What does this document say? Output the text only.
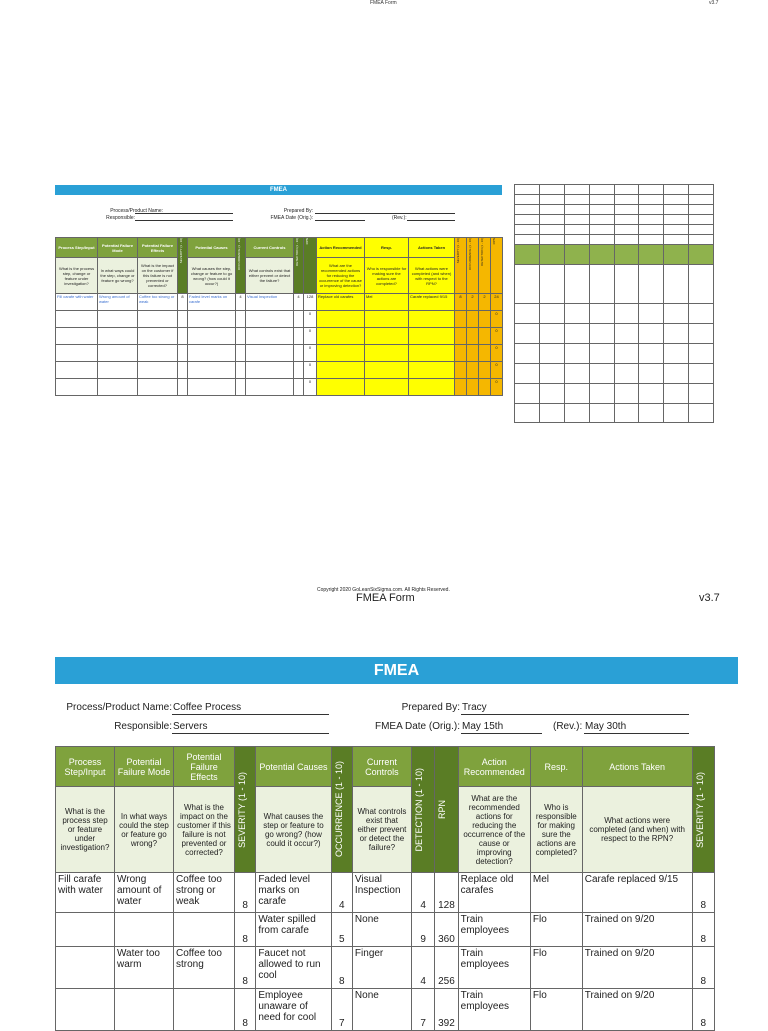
FMEA Form	v3.7
FMEA
Process/Product Name:
Responsible:
Prepared By:
FMEA Date (Orig.):	(Rev.):
Process Step/Input	Potential Failure Mode	Potential Failure Effects	SEVERITY (1 - 10)	Potential Causes	OCCURRENCE (1 - 10)	Current Controls	DETECTION (1 - 10)	RPN	Action Recommended	Resp.	Actions Taken	SEVERITY (1 - 10)	OCCURRENCE (1 - 10)	DETECTION (1 - 10)	RPN

What is the process step, change or feature under investigation?	In what ways could the step, change or feature go wrong?	What is the impact on the customer if this failure is not prevented or corrected?		What causes the step, change or feature to go wrong? (how could it occur?)		What controls exist that either prevent or detect the failure?			What are the recommended actions for reducing the occurrence of the cause or improving detection?	Who is responsible for making sure the actions are completed?	What actions were completed (and when) with respect to the RPN?				
Fill carafe with water	Wrong amount of water	Coffee too strong or weak	8	Faded level marks on carafe	4	Visual Inspection	4	128	Replace old carafes	Mel	Carafe replaced 9/15	8	2	2	24
								0							0
								0							0
								0							0
								0							0
								0							0

Copyright 2020 GoLeanSixSigma.com. All Rights Reserved.
FMEA Form	v3.7
FMEA
Process/Product Name: Coffee Process
Responsible: Servers
Prepared By: Tracy
FMEA Date (Orig.): May 15th	(Rev.): May 30th
Process Step/Input	Potential Failure Mode	Potential Failure Effects	SEVERITY (1 - 10)	Potential Causes	OCCURRENCE (1 - 10)	Current Controls	DETECTION (1 - 10)	RPN	Action Recommended	Resp.	Actions Taken	SEVERITY (1 - 10)

What is the process step or feature under investigation?	In what ways could the step or feature go wrong?	What is the impact on the customer if this failure is not prevented or corrected?		What causes the step or feature to go wrong? (how could it occur?)		What controls exist that either prevent or detect the failure?			What are the recommended actions for reducing the occurrence of the cause or improving detection?	Who is responsible for making sure the actions are completed?	What actions were completed (and when) with respect to the RPN?	
Fill carafe with water	Wrong amount of water	Coffee too strong or weak	8	Faded level marks on carafe	4	Visual Inspection	4	128	Replace old carafes	Mel	Carafe replaced 9/15	8
			8	Water spilled from carafe	5	None	9	360	Train employees	Flo	Trained on 9/20	8
	Water too warm	Coffee too strong	8	Faucet not allowed to run cool	8	Finger	4	256	Train employees	Flo	Trained on 9/20	8
			8	Employee unaware of need for cool	7	None	7	392	Train employees	Flo	Trained on 9/20	8
